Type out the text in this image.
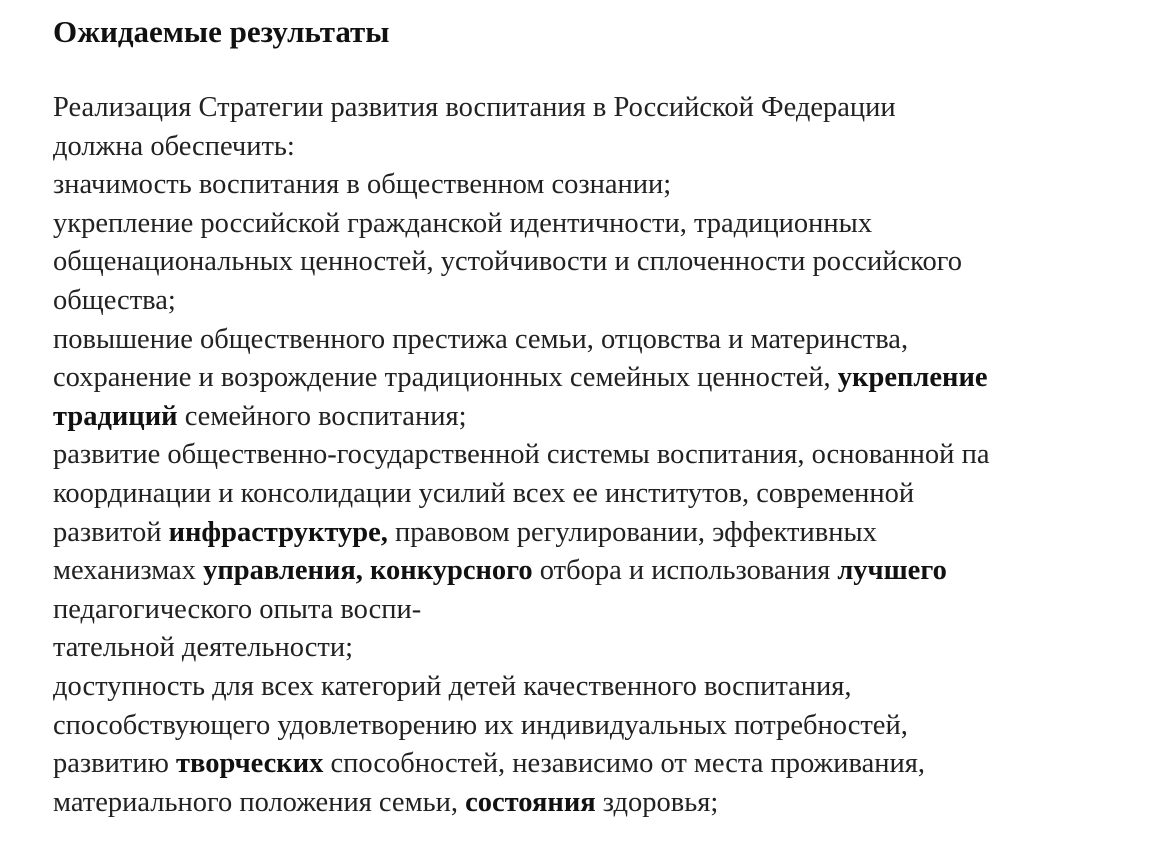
Ожидаемые результаты
Реализация Стратегии развития воспитания в Российской Федерации
должна обеспечить:
значимость воспитания в общественном сознании;
укрепление российской гражданской идентичности, традиционных
общенациональных ценностей, устойчивости и сплоченности российского
общества;
повышение общественного престижа семьи, отцовства и материнства,
сохранение и возрождение традиционных семейных ценностей, укрепление
традиций семейного воспитания;
развитие общественно-государственной системы воспитания, основанной па
координации и консолидации усилий всех ее институтов, современной
развитой инфраструктуре, правовом регулировании, эффективных
механизмах управления, конкурсного отбора и использования лучшего
педагогического опыта воспи-
тательной деятельности;
доступность для всех категорий детей качественного воспитания,
способствующего удовлетворению их индивидуальных потребностей,
развитию творческих способностей, независимо от места проживания,
материального положения семьи, состояния здоровья;
